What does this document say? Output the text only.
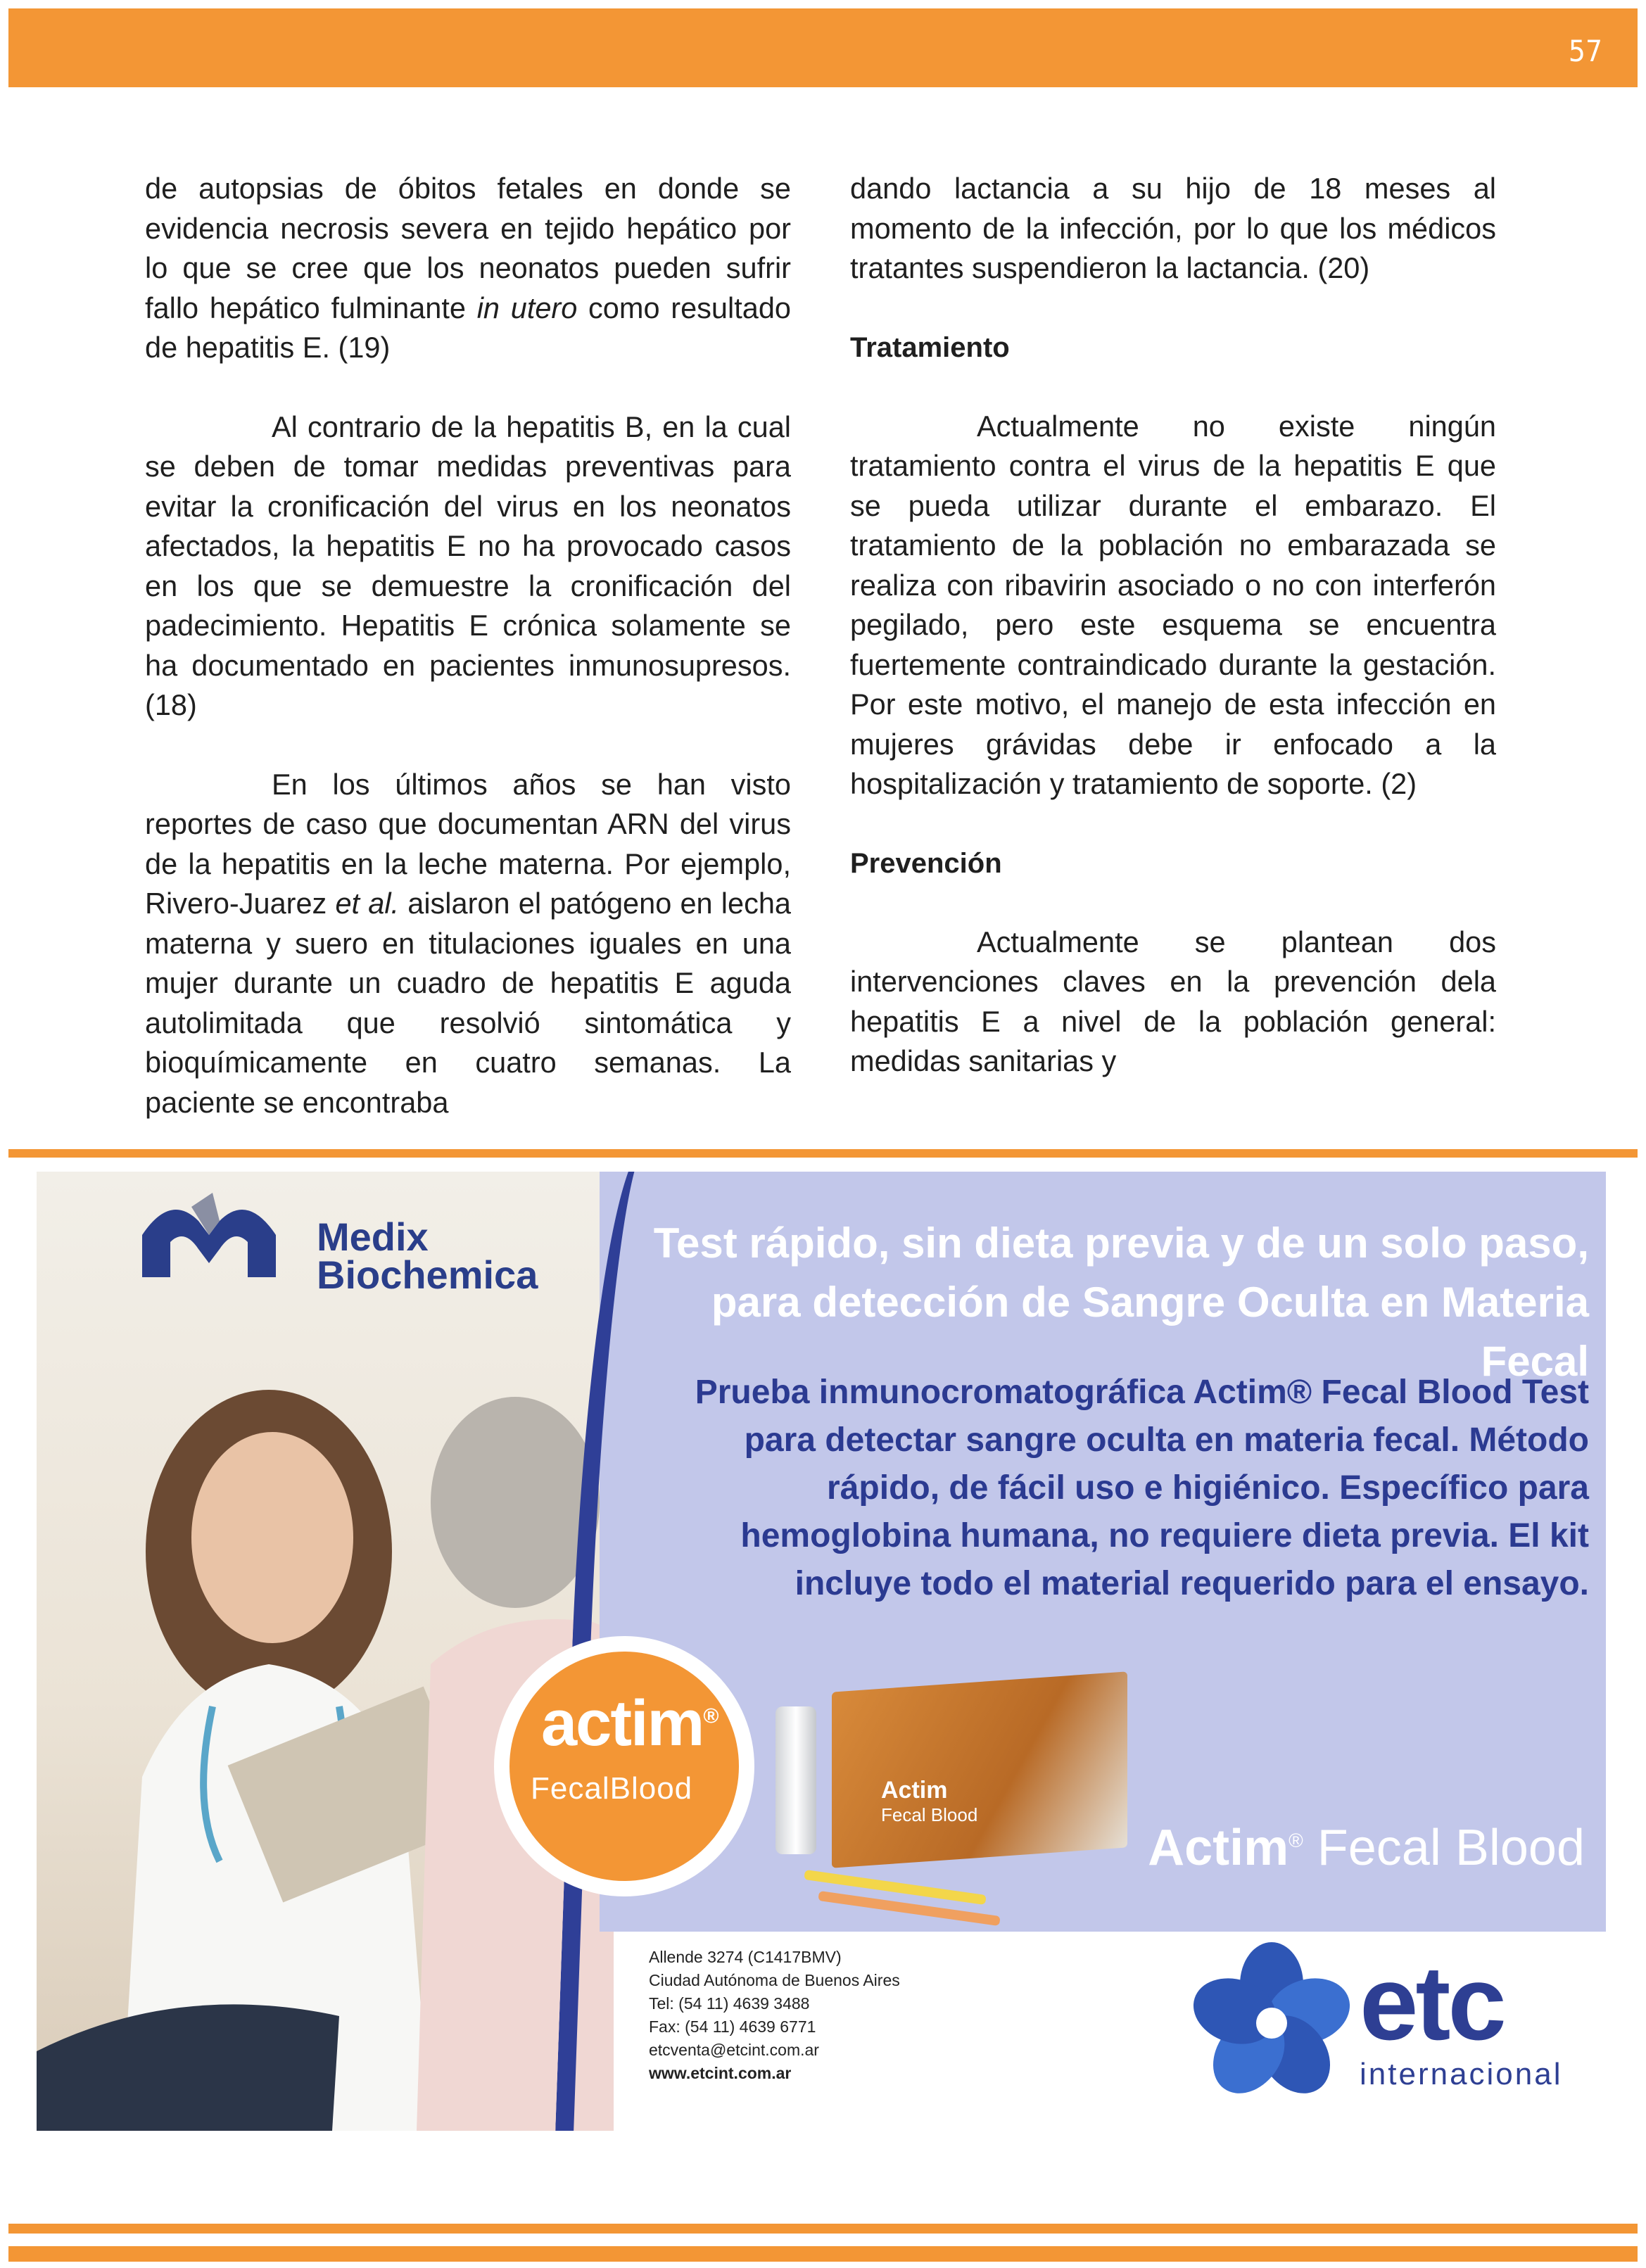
57

de autopsias de óbitos fetales en donde se evidencia necrosis severa en tejido hepático por lo que se cree que los neonatos pueden sufrir fallo hepático fulminante in utero como resultado de hepatitis E. (19)

Al contrario de la hepatitis B, en la cual se deben de tomar medidas preventivas para evitar la cronificación del virus en los neonatos afectados, la hepatitis E no ha provocado casos en los que se demuestre la cronificación del padecimiento. Hepatitis E crónica solamente se ha documentado en pacientes inmunosupresos. (18)

En los últimos años se han visto reportes de caso que documentan ARN del virus de la hepatitis en la leche materna. Por ejemplo, Rivero-Juarez et al. aislaron el patógeno en lecha materna y suero en titulaciones iguales en una mujer durante un cuadro de hepatitis E aguda autolimitada que resolvió sintomática y bioquímicamente en cuatro semanas. La paciente se encontraba

dando lactancia a su hijo de 18 meses al momento de la infección, por lo que los médicos tratantes suspendieron la lactancia. (20)

Tratamiento

Actualmente no existe ningún tratamiento contra el virus de la hepatitis E que se pueda utilizar durante el embarazo. El tratamiento de la población no embarazada se realiza con ribavirin asociado o no con interferón pegilado, pero este esquema se encuentra fuertemente contraindicado durante la gestación. Por este motivo, el manejo de esta infección en mujeres grávidas debe ir enfocado a la hospitalización y tratamiento de soporte. (2)

Prevención

Actualmente se plantean dos intervenciones claves en la prevención dela hepatitis E a nivel de la población general: medidas sanitarias y

Medix
Biochemica
Test rápido, sin dieta previa y de un solo paso,
para detección de Sangre Oculta en Materia Fecal
Prueba inmunocromatográfica Actim® Fecal Blood Test
para detectar sangre oculta en materia fecal. Método
rápido, de fácil uso e higiénico. Específico para
hemoglobina humana, no requiere dieta previa. El kit
incluye todo el material requerido para el ensayo.
actim®
FecalBlood	Actim
Fecal Blood
Actim® Fecal Blood
Allende 3274 (C1417BMV)
Ciudad Autónoma de Buenos Aires
Tel: (54 11) 4639 3488
Fax: (54 11) 4639 6771
etcventa@etcint.com.ar
www.etcint.com.ar
etc
internacional
